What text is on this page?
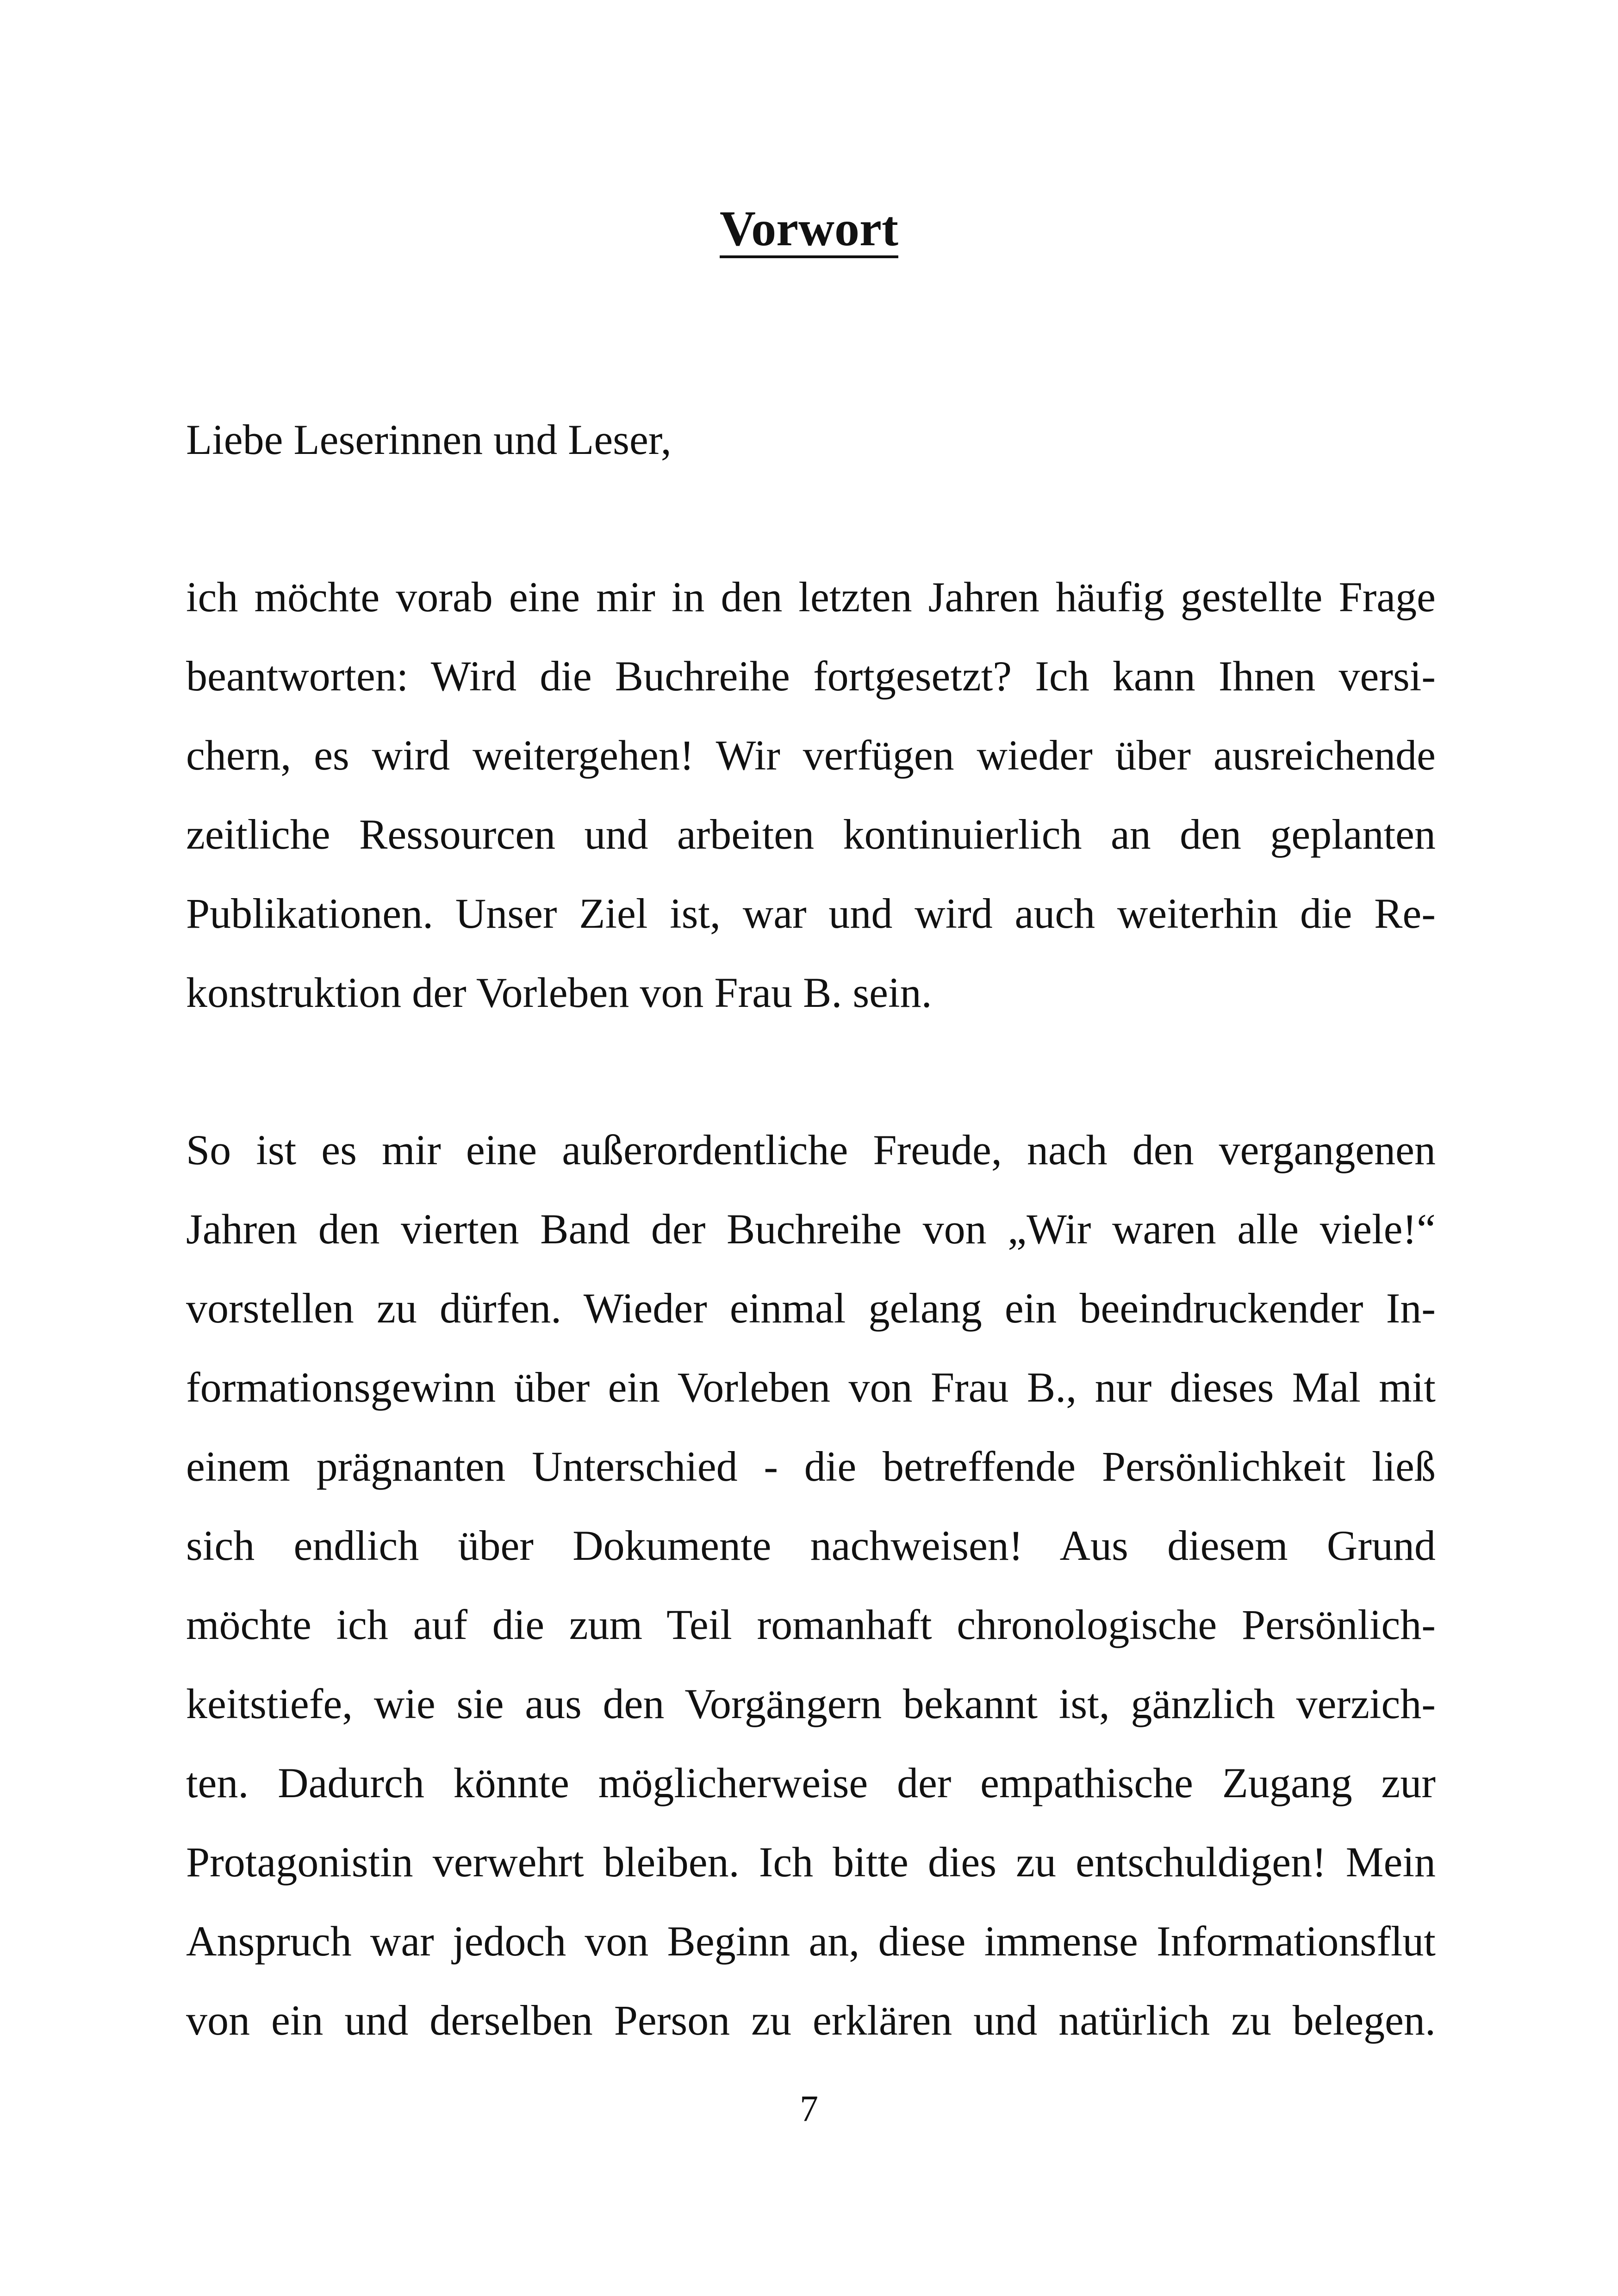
Vorwort
Liebe Leserinnen und Leser,
ich möchte vorab eine mir in den letzten Jahren häufig gestellte Frage
beantworten: Wird die Buchreihe fortgesetzt? Ich kann Ihnen versi-
chern, es wird weitergehen! Wir verfügen wieder über ausreichende
zeitliche Ressourcen und arbeiten kontinuierlich an den geplanten
Publikationen. Unser Ziel ist, war und wird auch weiterhin die Re-
konstruktion der Vorleben von Frau B. sein.
So ist es mir eine außerordentliche Freude, nach den vergangenen
Jahren den vierten Band der Buchreihe von „Wir waren alle viele!“
vorstellen zu dürfen. Wieder einmal gelang ein beeindruckender In-
formationsgewinn über ein Vorleben von Frau B., nur dieses Mal mit
einem prägnanten Unterschied - die betreffende Persönlichkeit ließ
sich endlich über Dokumente nachweisen! Aus diesem Grund
möchte ich auf die zum Teil romanhaft chronologische Persönlich-
keitstiefe, wie sie aus den Vorgängern bekannt ist, gänzlich verzich-
ten. Dadurch könnte möglicherweise der empathische Zugang zur
Protagonistin verwehrt bleiben. Ich bitte dies zu entschuldigen! Mein
Anspruch war jedoch von Beginn an, diese immense Informationsflut
von ein und derselben Person zu erklären und natürlich zu belegen.
7
